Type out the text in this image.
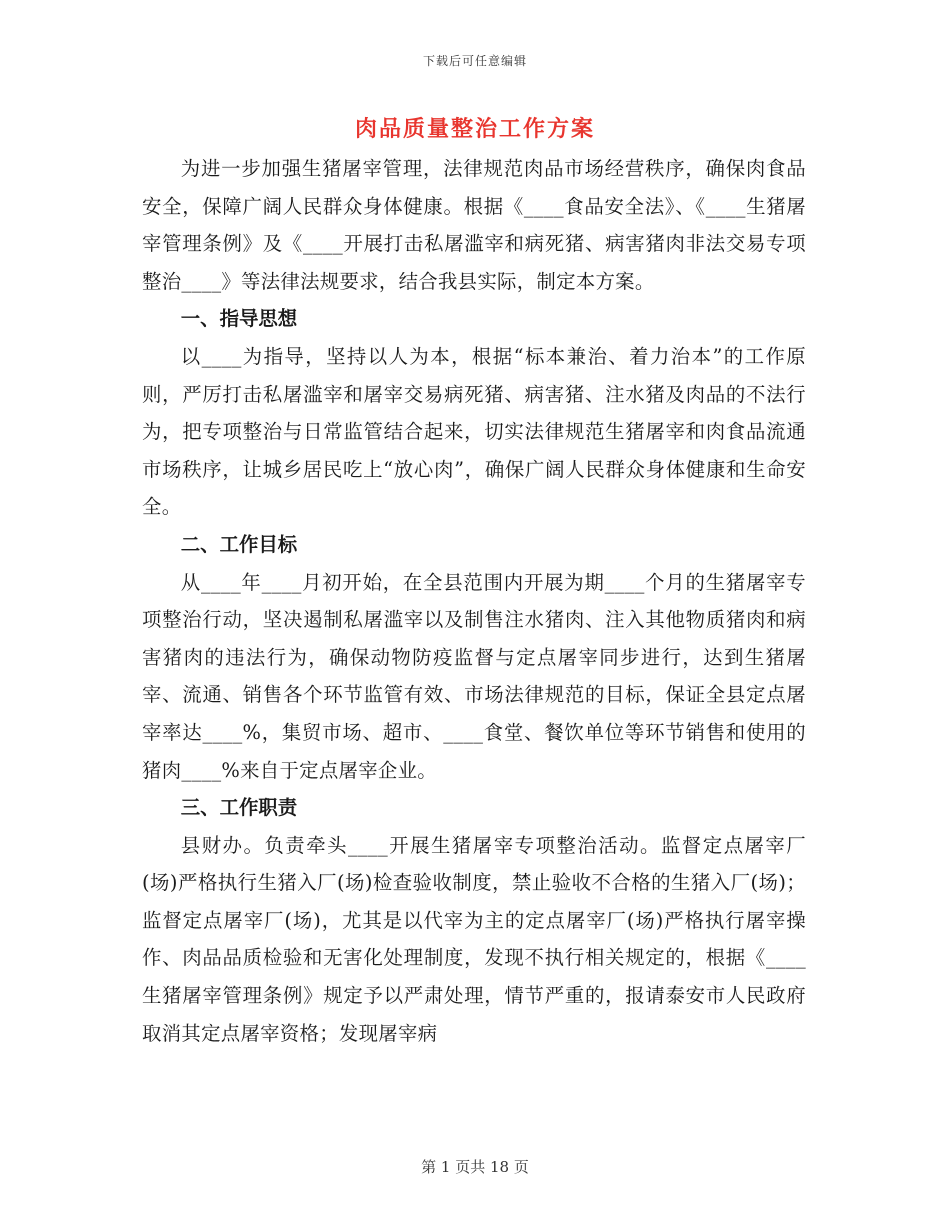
下载后可任意编辑
肉品质量整治工作方案

为进一步加强生猪屠宰管理，法律规范肉品市场经营秩序，确保肉食品安全，保障广阔人民群众身体健康。根据《____食品安全法》、《____生猪屠宰管理条例》及《____开展打击私屠滥宰和病死猪、病害猪肉非法交易专项整治____》等法律法规要求，结合我县实际，制定本方案。

一、指导思想

以____为指导，坚持以人为本，根据“标本兼治、着力治本”的工作原则，严厉打击私屠滥宰和屠宰交易病死猪、病害猪、注水猪及肉品的不法行为，把专项整治与日常监管结合起来，切实法律规范生猪屠宰和肉食品流通市场秩序，让城乡居民吃上“放心肉”，确保广阔人民群众身体健康和生命安全。

二、工作目标

从____年____月初开始，在全县范围内开展为期____个月的生猪屠宰专项整治行动，坚决遏制私屠滥宰以及制售注水猪肉、注入其他物质猪肉和病害猪肉的违法行为，确保动物防疫监督与定点屠宰同步进行，达到生猪屠宰、流通、销售各个环节监管有效、市场法律规范的目标，保证全县定点屠宰率达____%，集贸市场、超市、____食堂、餐饮单位等环节销售和使用的猪肉____%来自于定点屠宰企业。

三、工作职责

县财办。负责牵头____开展生猪屠宰专项整治活动。监督定点屠宰厂(场)严格执行生猪入厂(场)检查验收制度，禁止验收不合格的生猪入厂(场)；监督定点屠宰厂(场)，尤其是以代宰为主的定点屠宰厂(场)严格执行屠宰操作、肉品品质检验和无害化处理制度，发现不执行相关规定的，根据《____生猪屠宰管理条例》规定予以严肃处理，情节严重的，报请泰安市人民政府取消其定点屠宰资格；发现屠宰病

第 1 页共 18 页
